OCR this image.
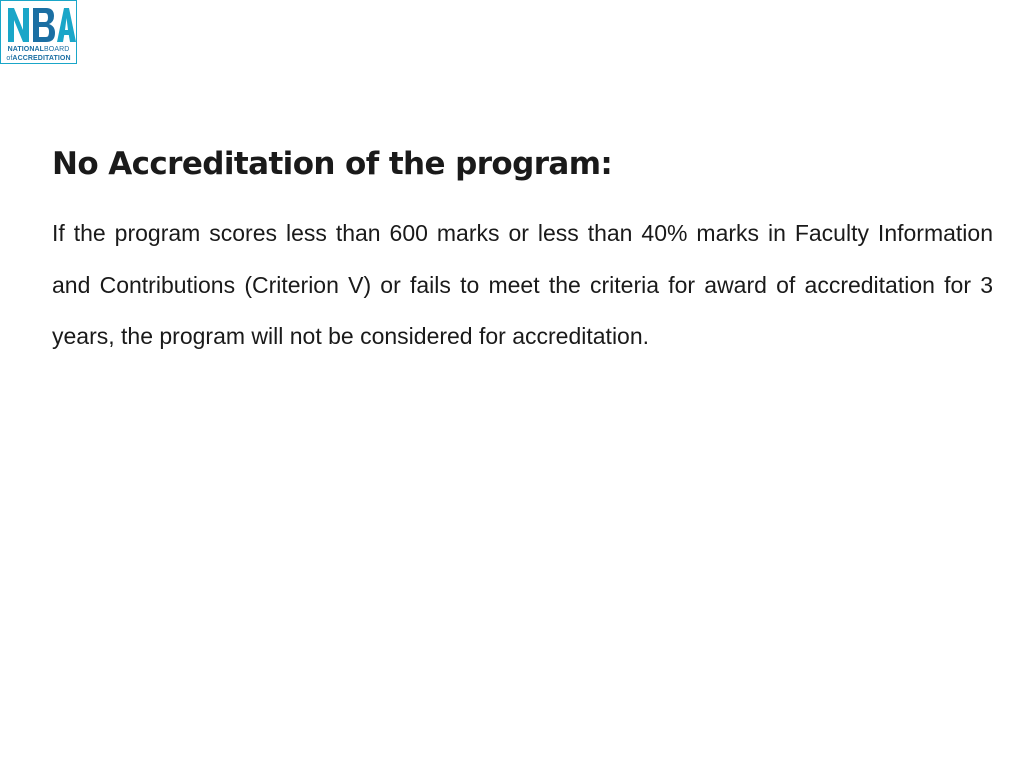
NATIONALBOARD
ofACCREDITATION
No Accreditation of the program:

If the program scores less than 600 marks or less than 40% marks in Faculty Information and Contributions (Criterion V) or fails to meet the criteria for award of accreditation for 3 years, the program will not be considered for accreditation.
